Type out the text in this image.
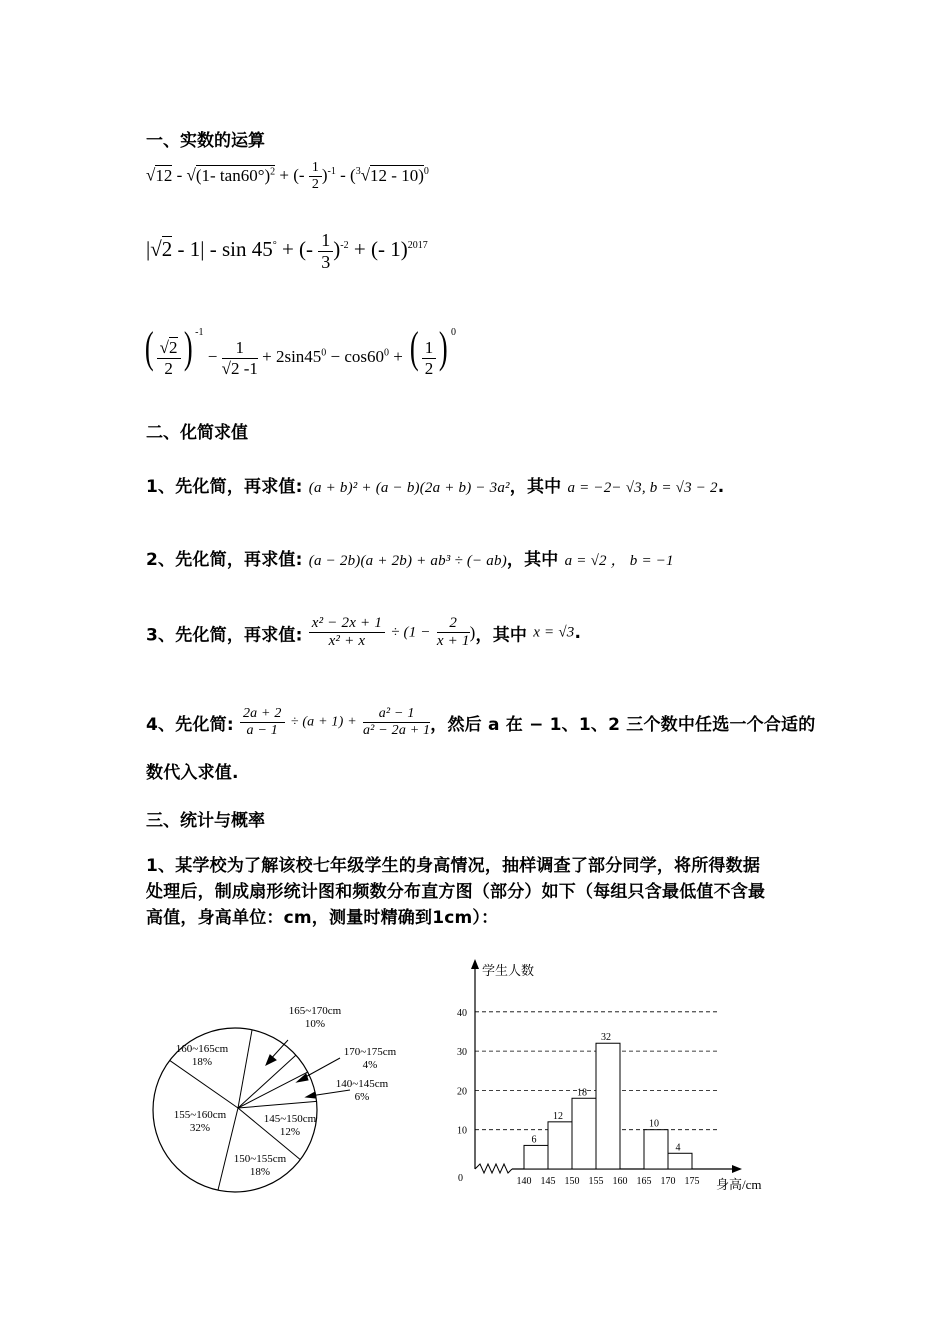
一、实数的运算
√12 - √(1- tan60°)$^2$ + (- $\frac{1}{2} )^{-1} - (^3√12 - 10)^0$
|√2 - 1| - sin 45° + (- $\frac{1}{3} )^{-2}$ + (- 1)$^{2017}$
( $\frac{√2}{2}$ ) $^{-1} - \frac{1}{√2 -1} + 2\sin 45^0 - \cos 60^0$ + ( $\frac{1}{2}$ ) $^0$
二、化简求值
1、先化简，再求值: (a + b)² + (a − b)(2a + b) − 3a²，其中 a = −2− √3, b = √3 − 2.
2、先化简，再求值: (a − 2b)(a + 2b) + ab³ ÷ (− ab)，其中 a = √2 ， b = −1
3、先化简，再求值: $\frac{\text{x² − 2x + 1}}{\text{x² + x}} \div (1 - \frac{2}{x + 1}$ )，其中 x = √3.
4、先化简: $\frac{2a + 2}{a - 1} \div (a + 1) + \frac{\text{a² − 1}}{\text{a² − 2a + 1}}$ ，然后 a 在 − 1、1、2 三个数中任选一个合适的
数代入求值.
三、统计与概率
1、某学校为了解该校七年级学生的身高情况，抽样调查了部分同学，将所得数据
处理后，制成扇形统计图和频数分布直方图（部分）如下（每组只含最低值不含最
高值，身高单位：cm，测量时精确到1cm）：
165~170cm
10%
170~175cm
4%
140~145cm
6%
145~150cm
12%
150~155cm
18%
155~160cm
32%
160~165cm
18%
学生人数
身高/cm
0
10
20
30
40
140 145 150 155 160 165 170 175
6
12
18
32
10
4
